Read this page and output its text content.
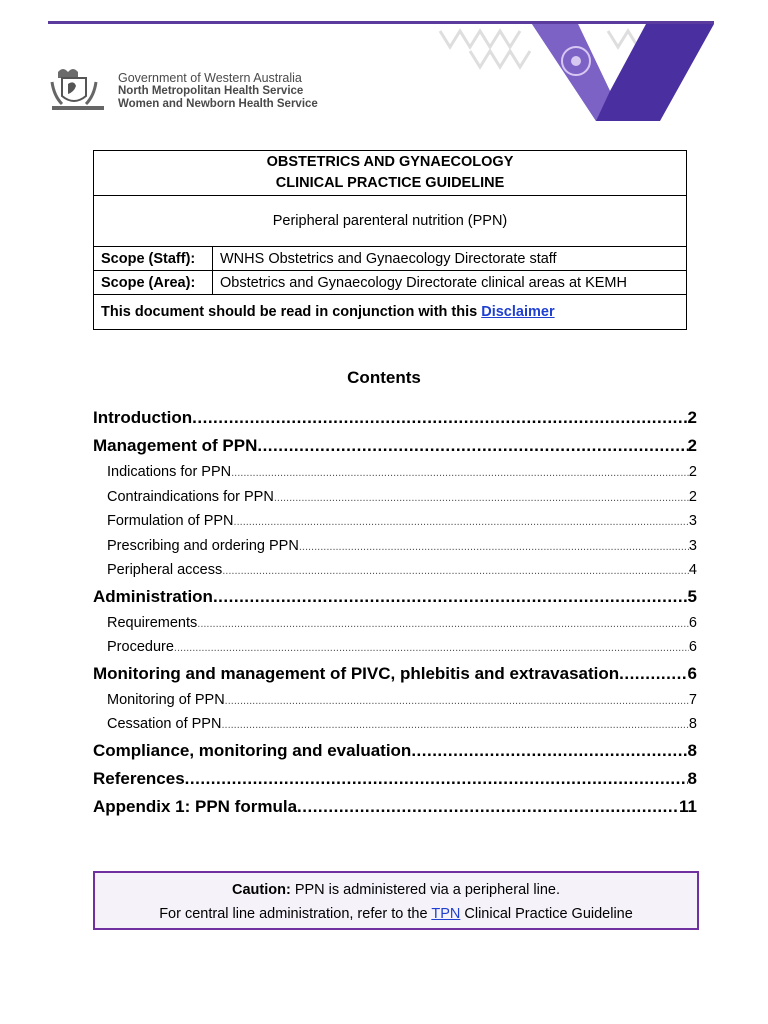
Government of Western Australia
North Metropolitan Health Service
Women and Newborn Health Service
OBSTETRICS AND GYNAECOLOGY
CLINICAL PRACTICE GUIDELINE	

Peripheral parenteral nutrition (PPN)	
Scope (Staff):	WNHS Obstetrics and Gynaecology Directorate staff
Scope (Area):	Obstetrics and Gynaecology Directorate clinical areas at KEMH
This document should be read in conjunction with this Disclaimer	
Contents
Introduction .....	2
Management of PPN .....	2
Indications for PPN .....	2
Contraindications for PPN .....	2
Formulation of PPN .....	3
Prescribing and ordering PPN .....	3
Peripheral access .....	4
Administration .....	5
Requirements .....	6
Procedure .....	6
Monitoring and management of PIVC, phlebitis and extravasation .....	6
Monitoring of PPN .....	7
Cessation of PPN .....	8
Compliance, monitoring and evaluation .....	8
References .....	8
Appendix 1: PPN formula .....	11
Caution: PPN is administered via a peripheral line.
For central line administration, refer to the TPN Clinical Practice Guideline
